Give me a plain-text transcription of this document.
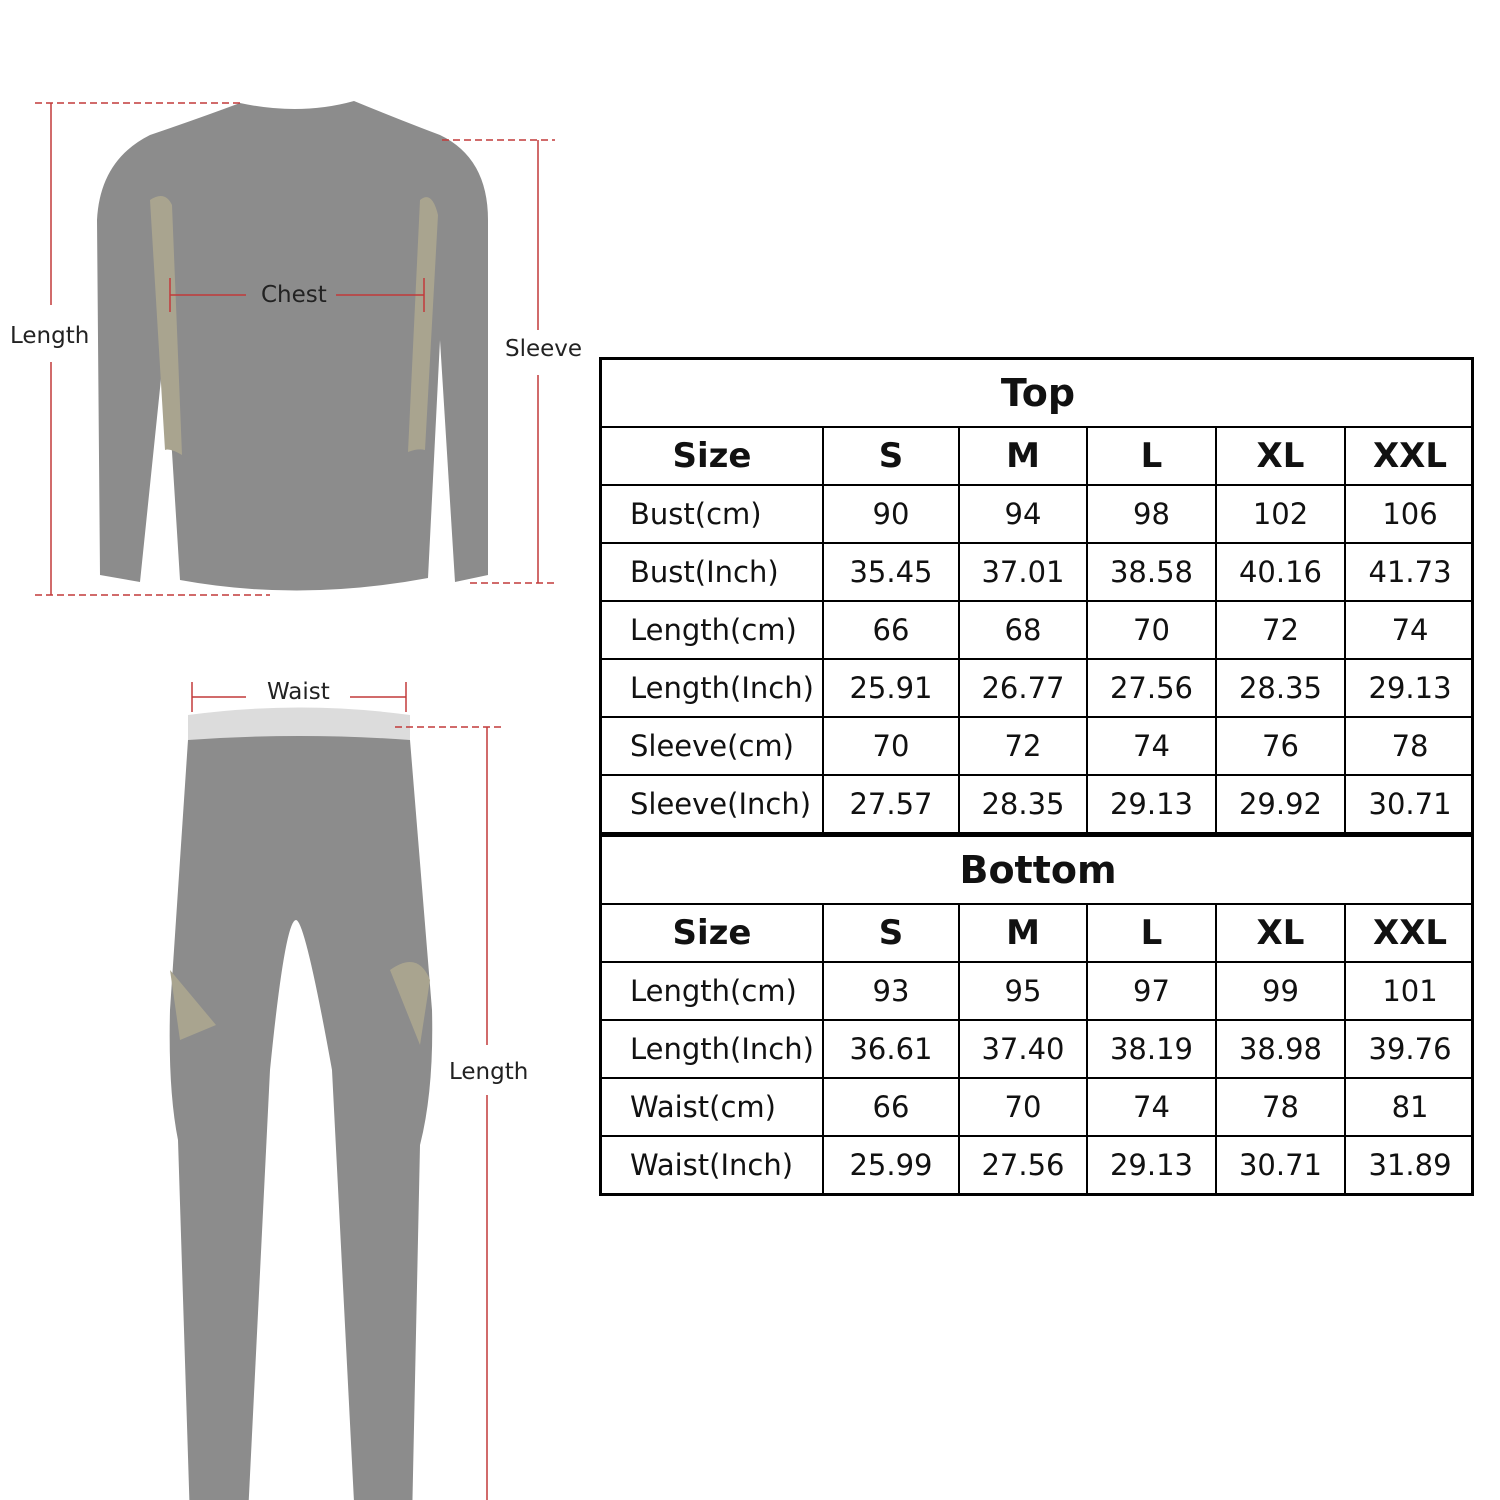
Length
Chest
Sleeve
Waist
Length
Top					
Size	S	M	L	XL	XXL
Bust(cm)	90	94	98	102	106
Bust(Inch)	35.45	37.01	38.58	40.16	41.73
Length(cm)	66	68	70	72	74
Length(Inch)	25.91	26.77	27.56	28.35	29.13
Sleeve(cm)	70	72	74	76	78
Sleeve(Inch)	27.57	28.35	29.13	29.92	30.71
Bottom					
Size	S	M	L	XL	XXL
Length(cm)	93	95	97	99	101
Length(Inch)	36.61	37.40	38.19	38.98	39.76
Waist(cm)	66	70	74	78	81
Waist(Inch)	25.99	27.56	29.13	30.71	31.89
